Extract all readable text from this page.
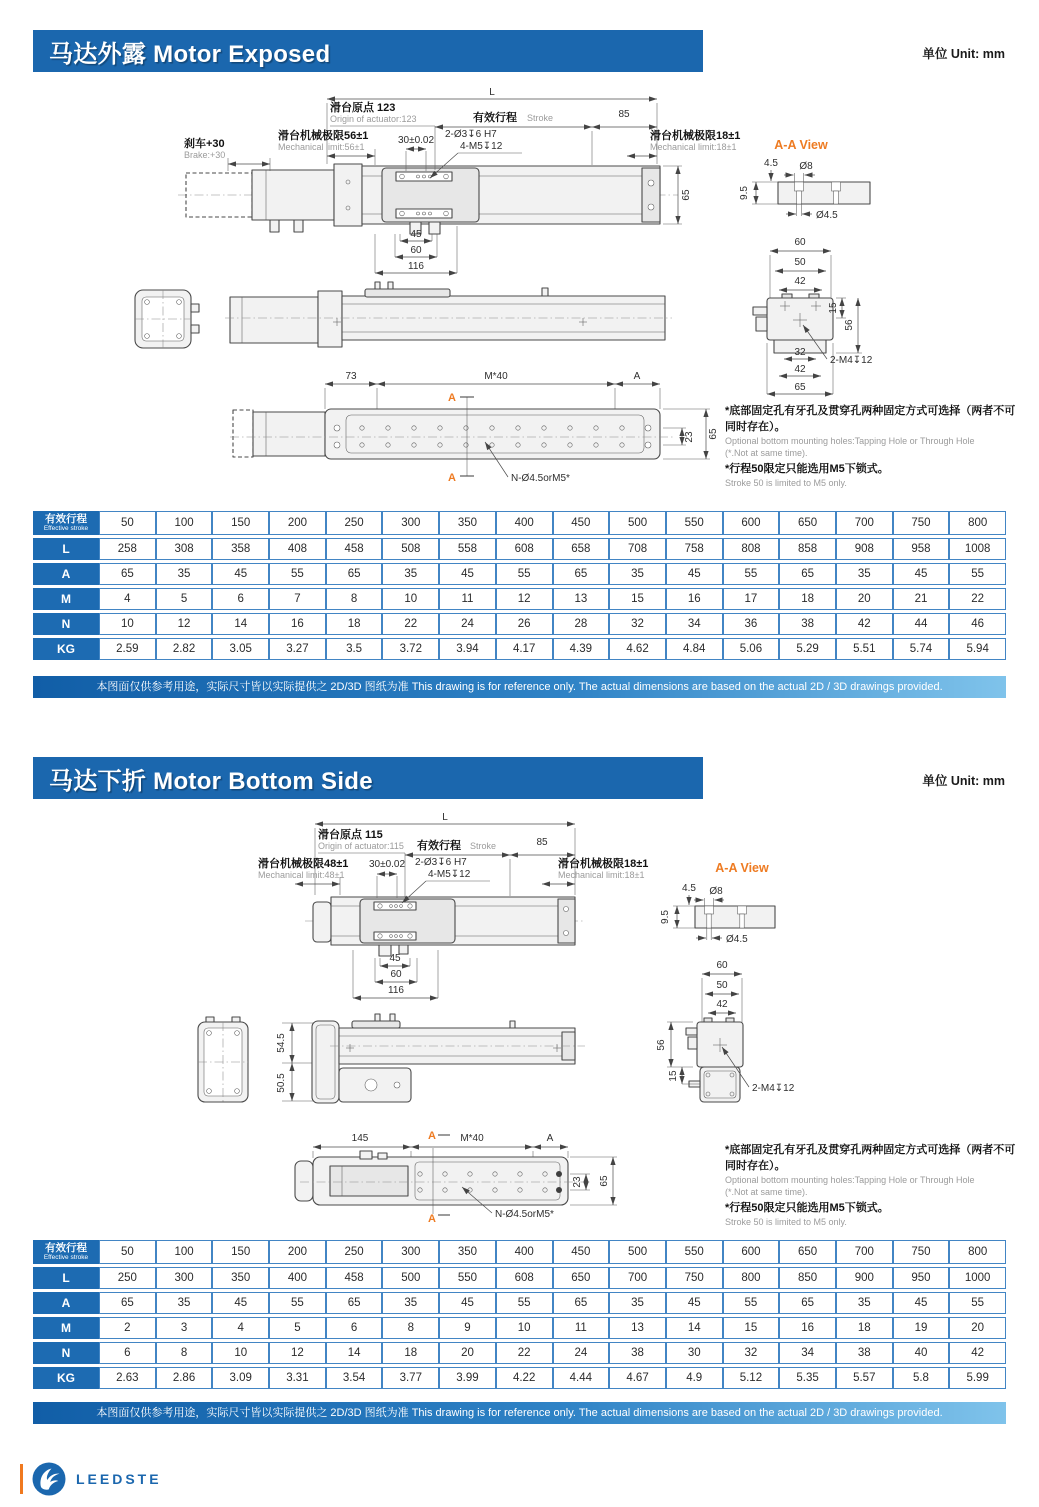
马达外露 Motor Exposed	单位 Unit: mm
L
滑台原点 123
Origin of actuator:123	有效行程 Stroke	85
滑台机械极限56±1
Mechanical limit:56±1
刹车+30
Brake:+30
30±0.02
2-Ø3↧6 H7
4-M5↧12
滑台机械极限18±1
Mechanical limit:18±1
65
45
60
116
73	M*40	A
A
A
23 65
N-Ø4.5orM5*
A-A View
4.5 Ø8
9.5
Ø4.5
60
50
42
15
56
32
42
65
2-M4↧12
*底部固定孔有牙孔及贯穿孔两种固定方式可选择（两者不可
同时存在）。
Optional bottom mounting holes:Tapping Hole or Through Hole
(*.Not at same time).
*行程50限定只能选用M5下锁式。
Stroke 50 is limited to M5 only.
有效行程
Effective stroke	50	100	150	200	250	300	350	400	450	500	550	600	650	700	750	800
L	258	308	358	408	458	508	558	608	658	708	758	808	858	908	958	1008
A	65	35	45	55	65	35	45	55	65	35	45	55	65	35	45	55
M	4	5	6	7	8	10	11	12	13	15	16	17	18	20	21	22
N	10	12	14	16	18	22	24	26	28	32	34	36	38	42	44	46
KG	2.59	2.82	3.05	3.27	3.5	3.72	3.94	4.17	4.39	4.62	4.84	5.06	5.29	5.51	5.74	5.94
本图面仅供参考用途，实际尺寸皆以实际提供之 2D/3D 图纸为准 This drawing is for reference only. The actual dimensions are based on the actual 2D / 3D drawings provided.
马达下折 Motor Bottom Side	单位 Unit: mm
L
滑台原点 115
Origin of actuator:115 有效行程 Stroke	85
滑台机械极限48±1
Mechanical limit:48±1
30±0.02 2-Ø3↧6 H7
4-M5↧12
滑台机械极限18±1
Mechanical limit:18±1
45
60
116
54.5
50.5
145	A M*40	A
A
23 65
N-Ø4.5orM5*
A-A View
4.5 Ø8
9.5
Ø4.5
60
50
42
56
15
2-M4↧12
*底部固定孔有牙孔及贯穿孔两种固定方式可选择（两者不可
同时存在）。
Optional bottom mounting holes:Tapping Hole or Through Hole
(*.Not at same time).
*行程50限定只能选用M5下锁式。
Stroke 50 is limited to M5 only.
有效行程
Effective stroke	50	100	150	200	250	300	350	400	450	500	550	600	650	700	750	800
L	250	300	350	400	458	500	550	608	650	700	750	800	850	900	950	1000
A	65	35	45	55	65	35	45	55	65	35	45	55	65	35	45	55
M	2	3	4	5	6	8	9	10	11	13	14	15	16	18	19	20
N	6	8	10	12	14	18	20	22	24	38	30	32	34	38	40	42
KG	2.63	2.86	3.09	3.31	3.54	3.77	3.99	4.22	4.44	4.67	4.9	5.12	5.35	5.57	5.8	5.99
本图面仅供参考用途，实际尺寸皆以实际提供之 2D/3D 图纸为准 This drawing is for reference only. The actual dimensions are based on the actual 2D / 3D drawings provided.
LEEDSTE
